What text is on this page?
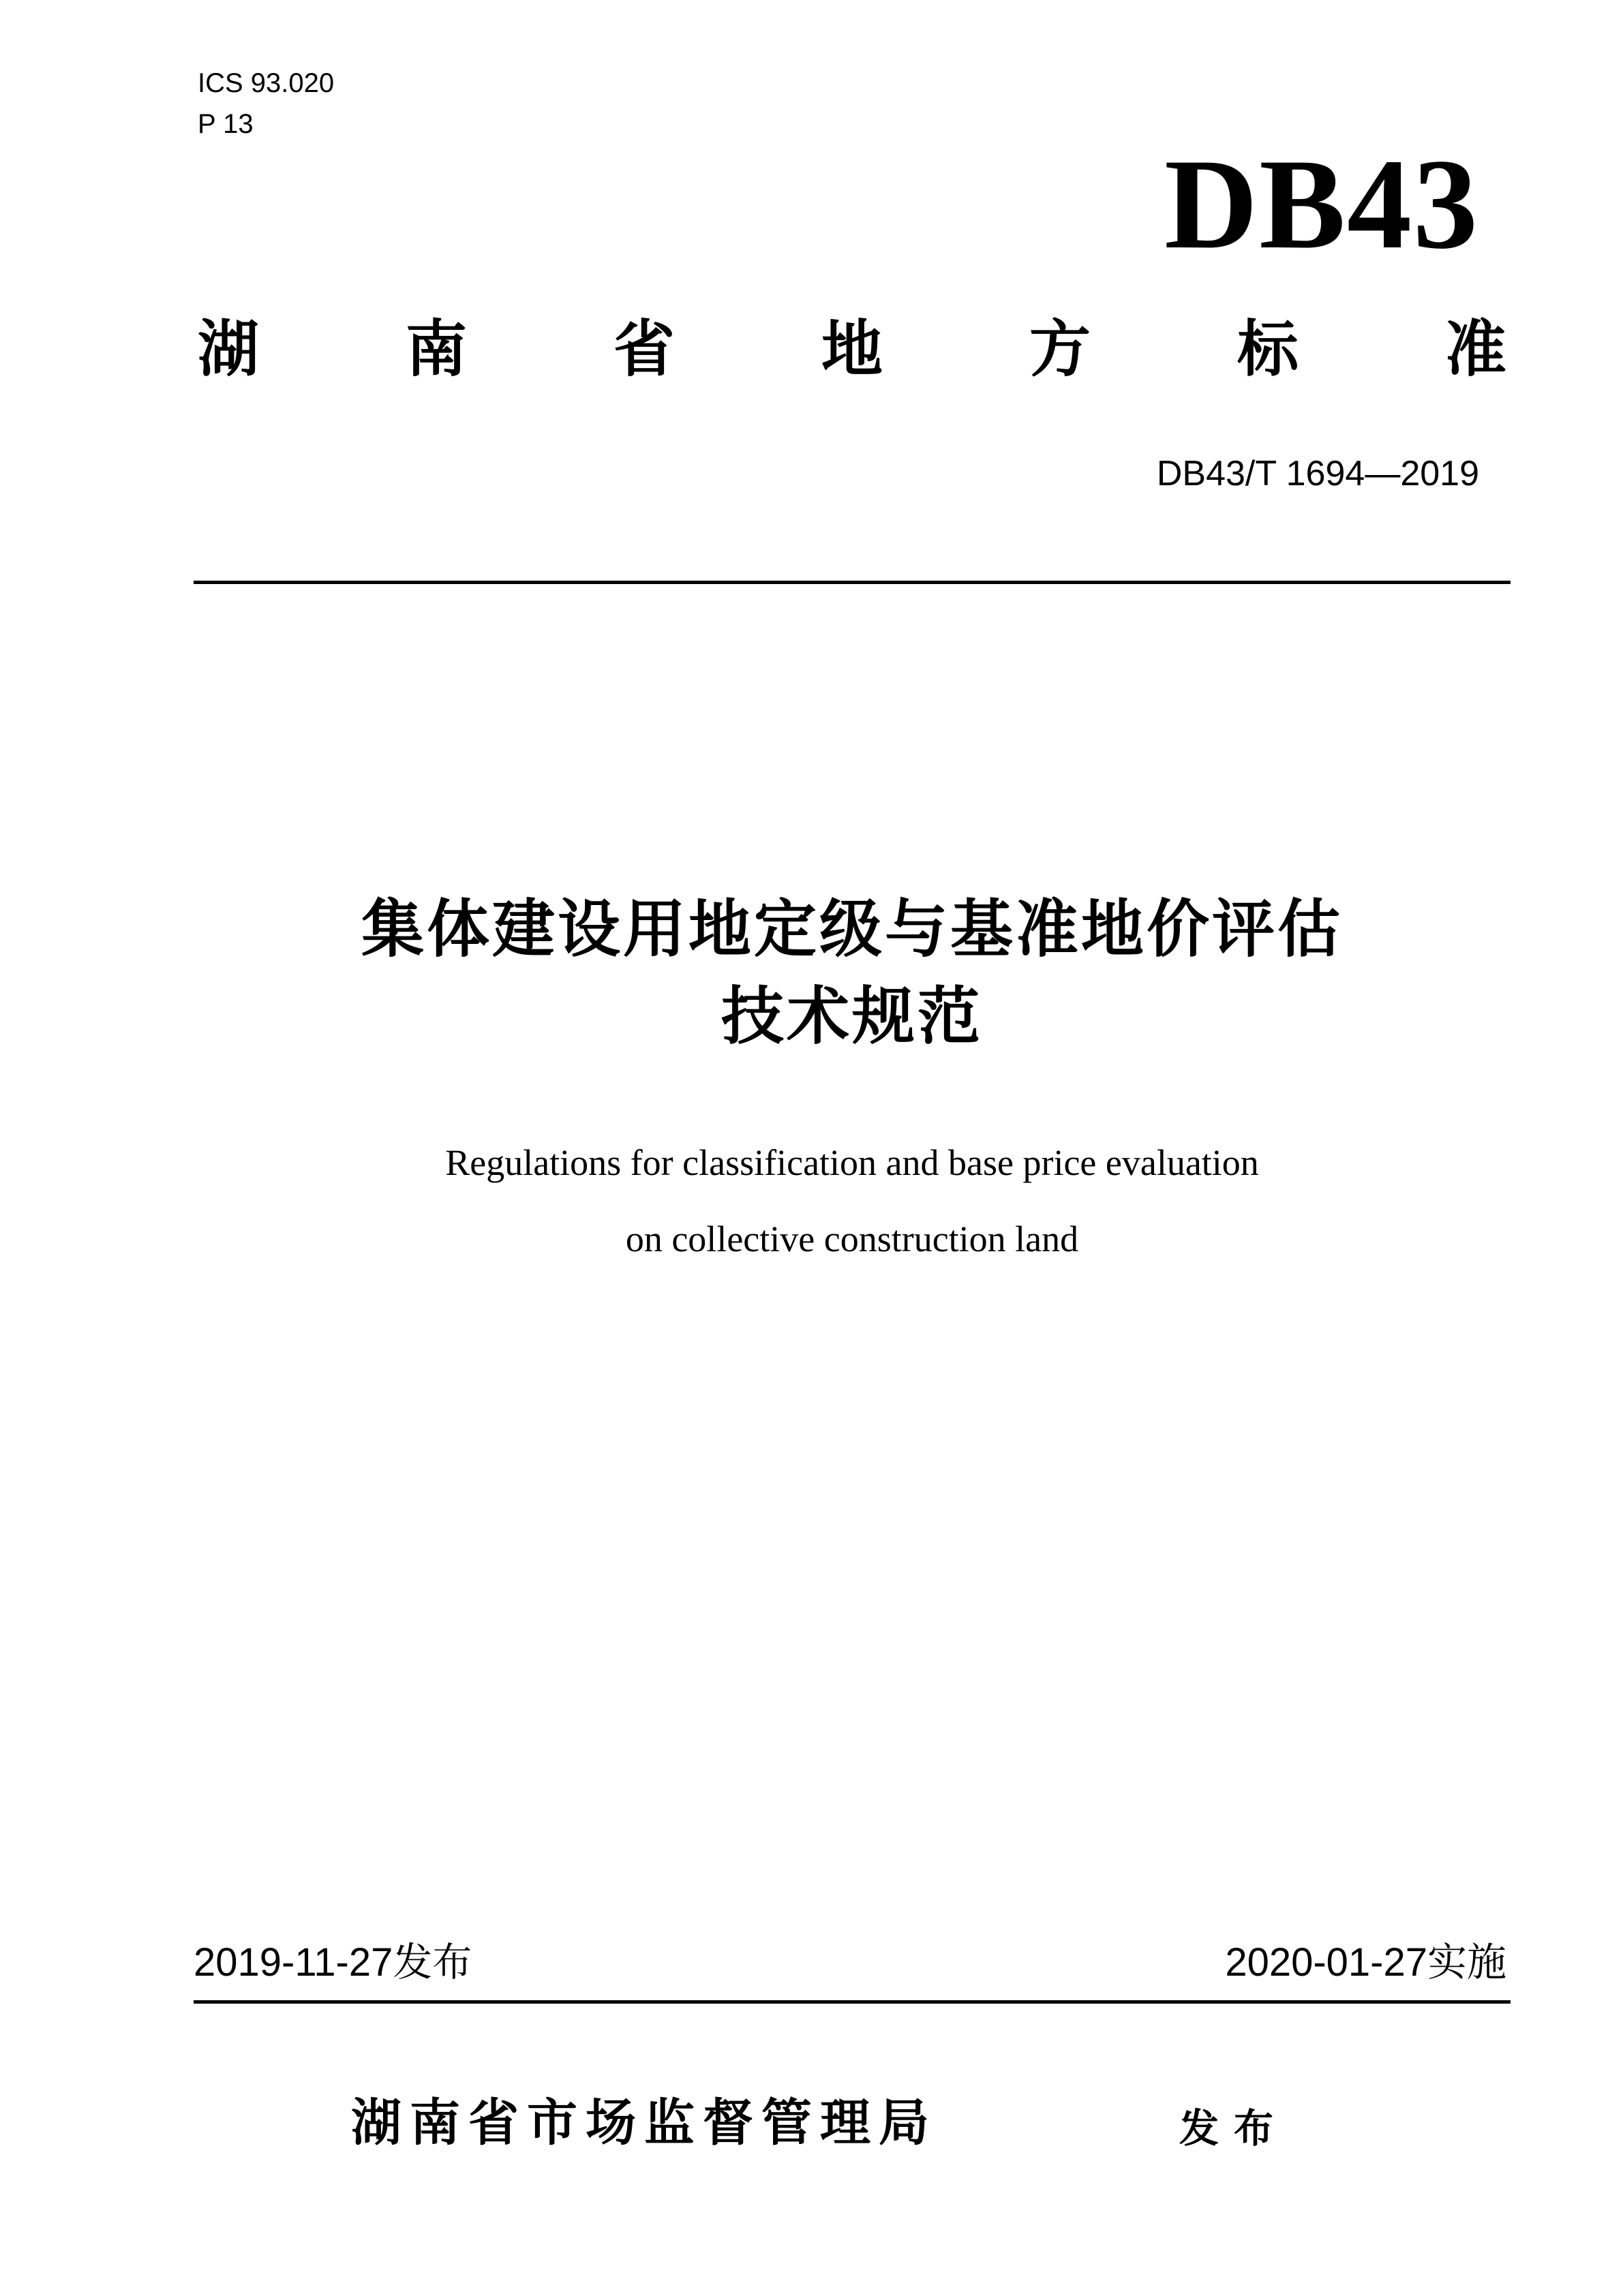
ICS 93.020
P 13
DB43
湖 南 省 地 方 标 准
DB43/T 1694—2019
集体建设用地定级与基准地价评估
技术规范
Regulations for classification and base price evaluation
on collective construction land
2019-11-27发布	2020-01-27实施
湖南省市场监督管理局	发布
